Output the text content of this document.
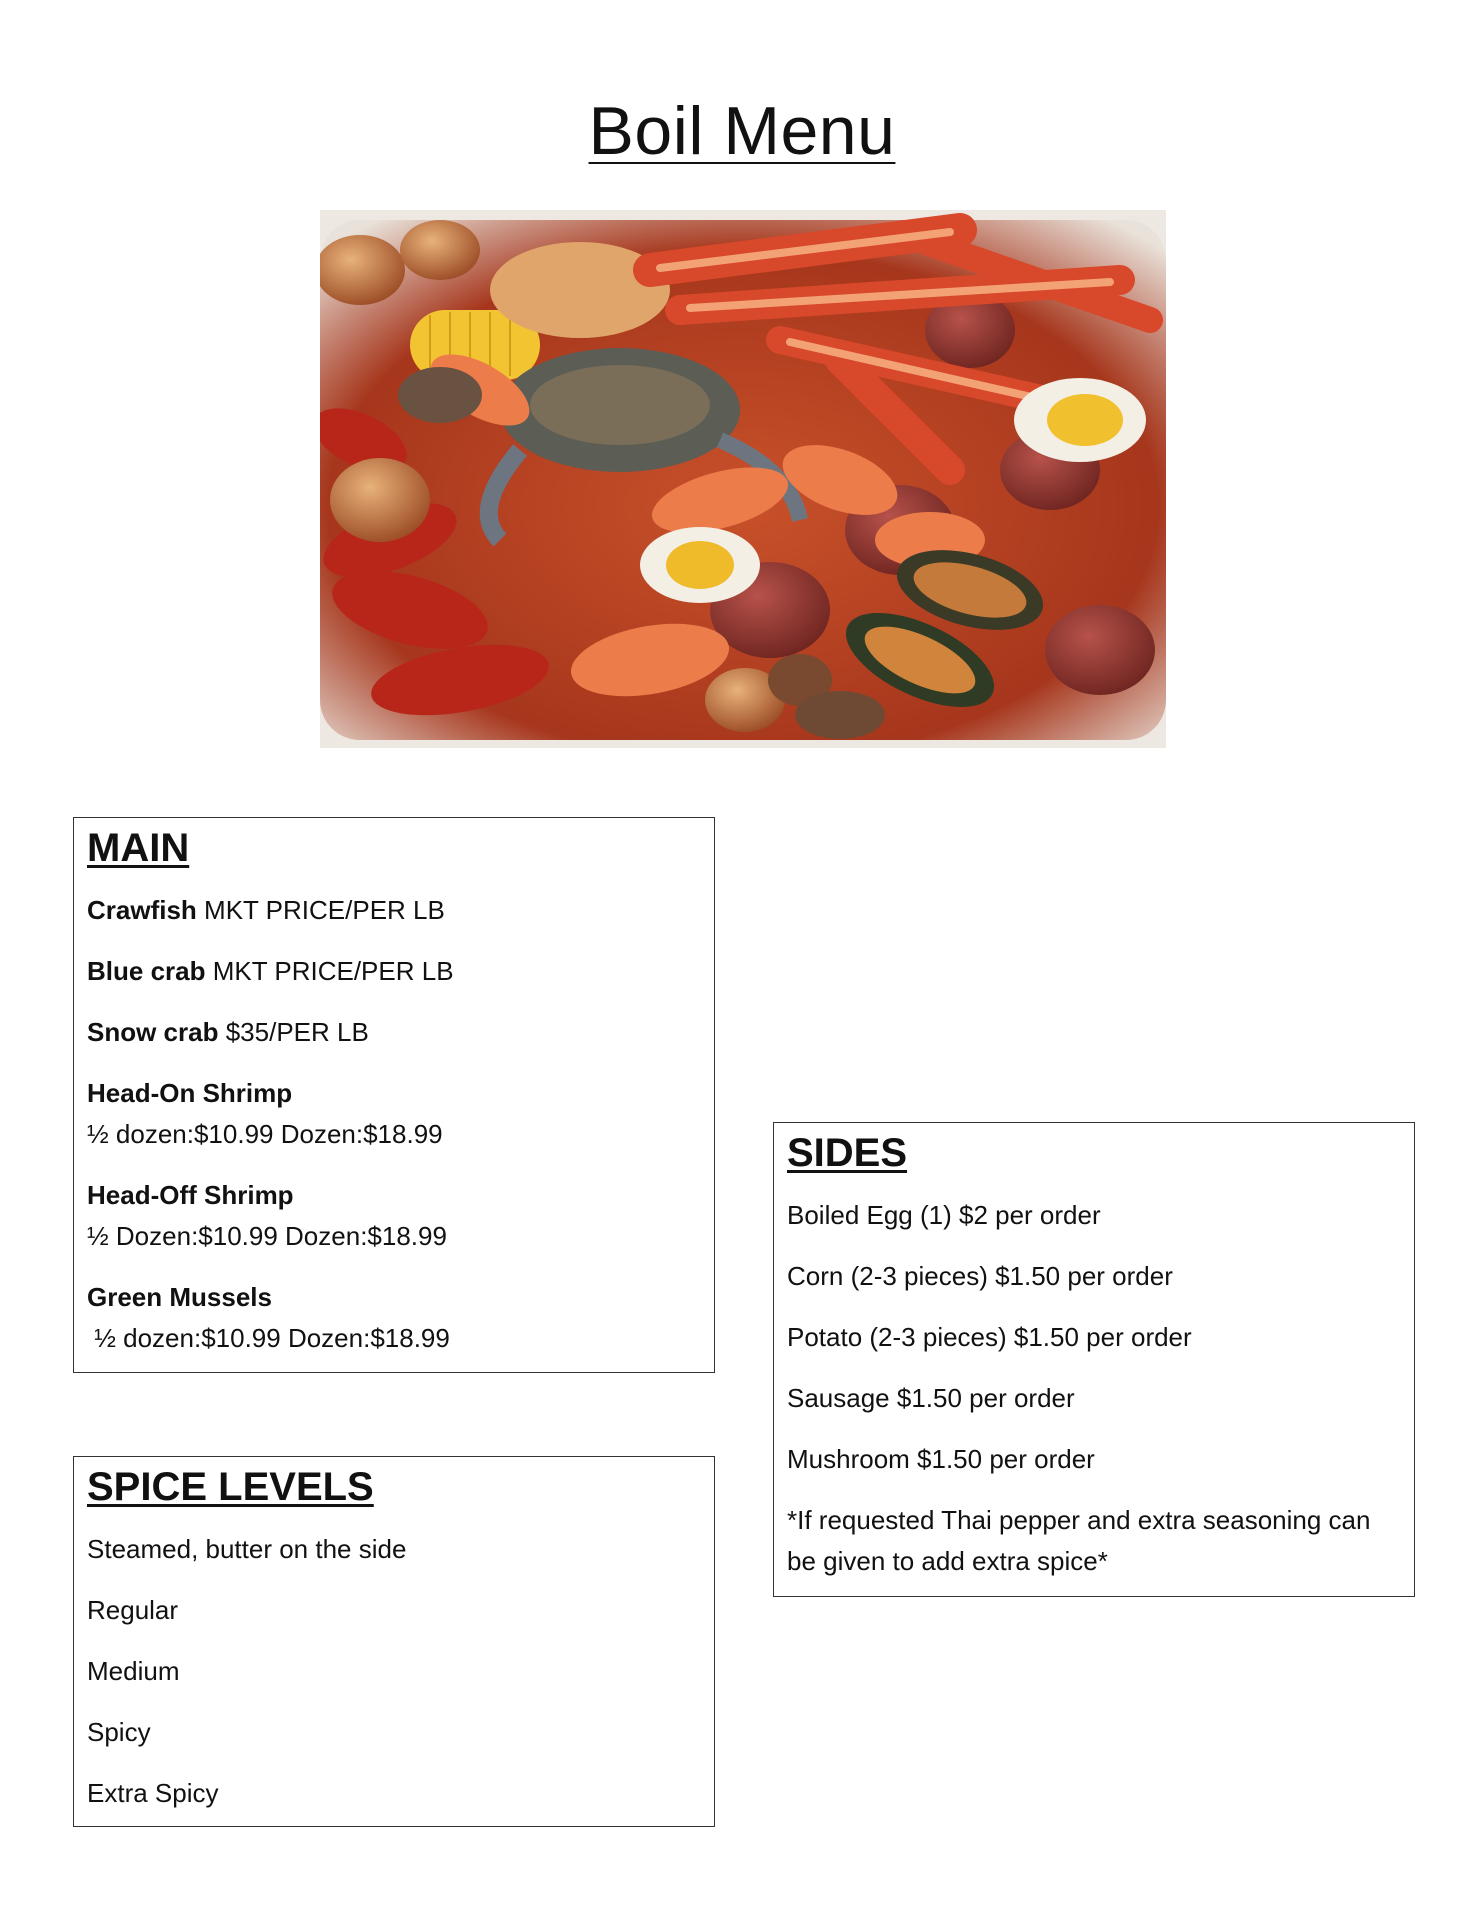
Boil Menu
MAIN
Crawfish MKT PRICE/PER LB
Blue crab MKT PRICE/PER LB
Snow crab $35/PER LB
Head-On Shrimp
½ dozen:$10.99 Dozen:$18.99
Head-Off Shrimp
½ Dozen:$10.99 Dozen:$18.99
Green Mussels
½ dozen:$10.99 Dozen:$18.99
SIDES
Boiled Egg (1) $2 per order
Corn (2-3 pieces) $1.50 per order
Potato (2-3 pieces) $1.50 per order
Sausage $1.50 per order
Mushroom $1.50 per order
*If requested Thai pepper and extra seasoning can be given to add extra spice*
SPICE LEVELS
Steamed, butter on the side
Regular
Medium
Spicy
Extra Spicy
